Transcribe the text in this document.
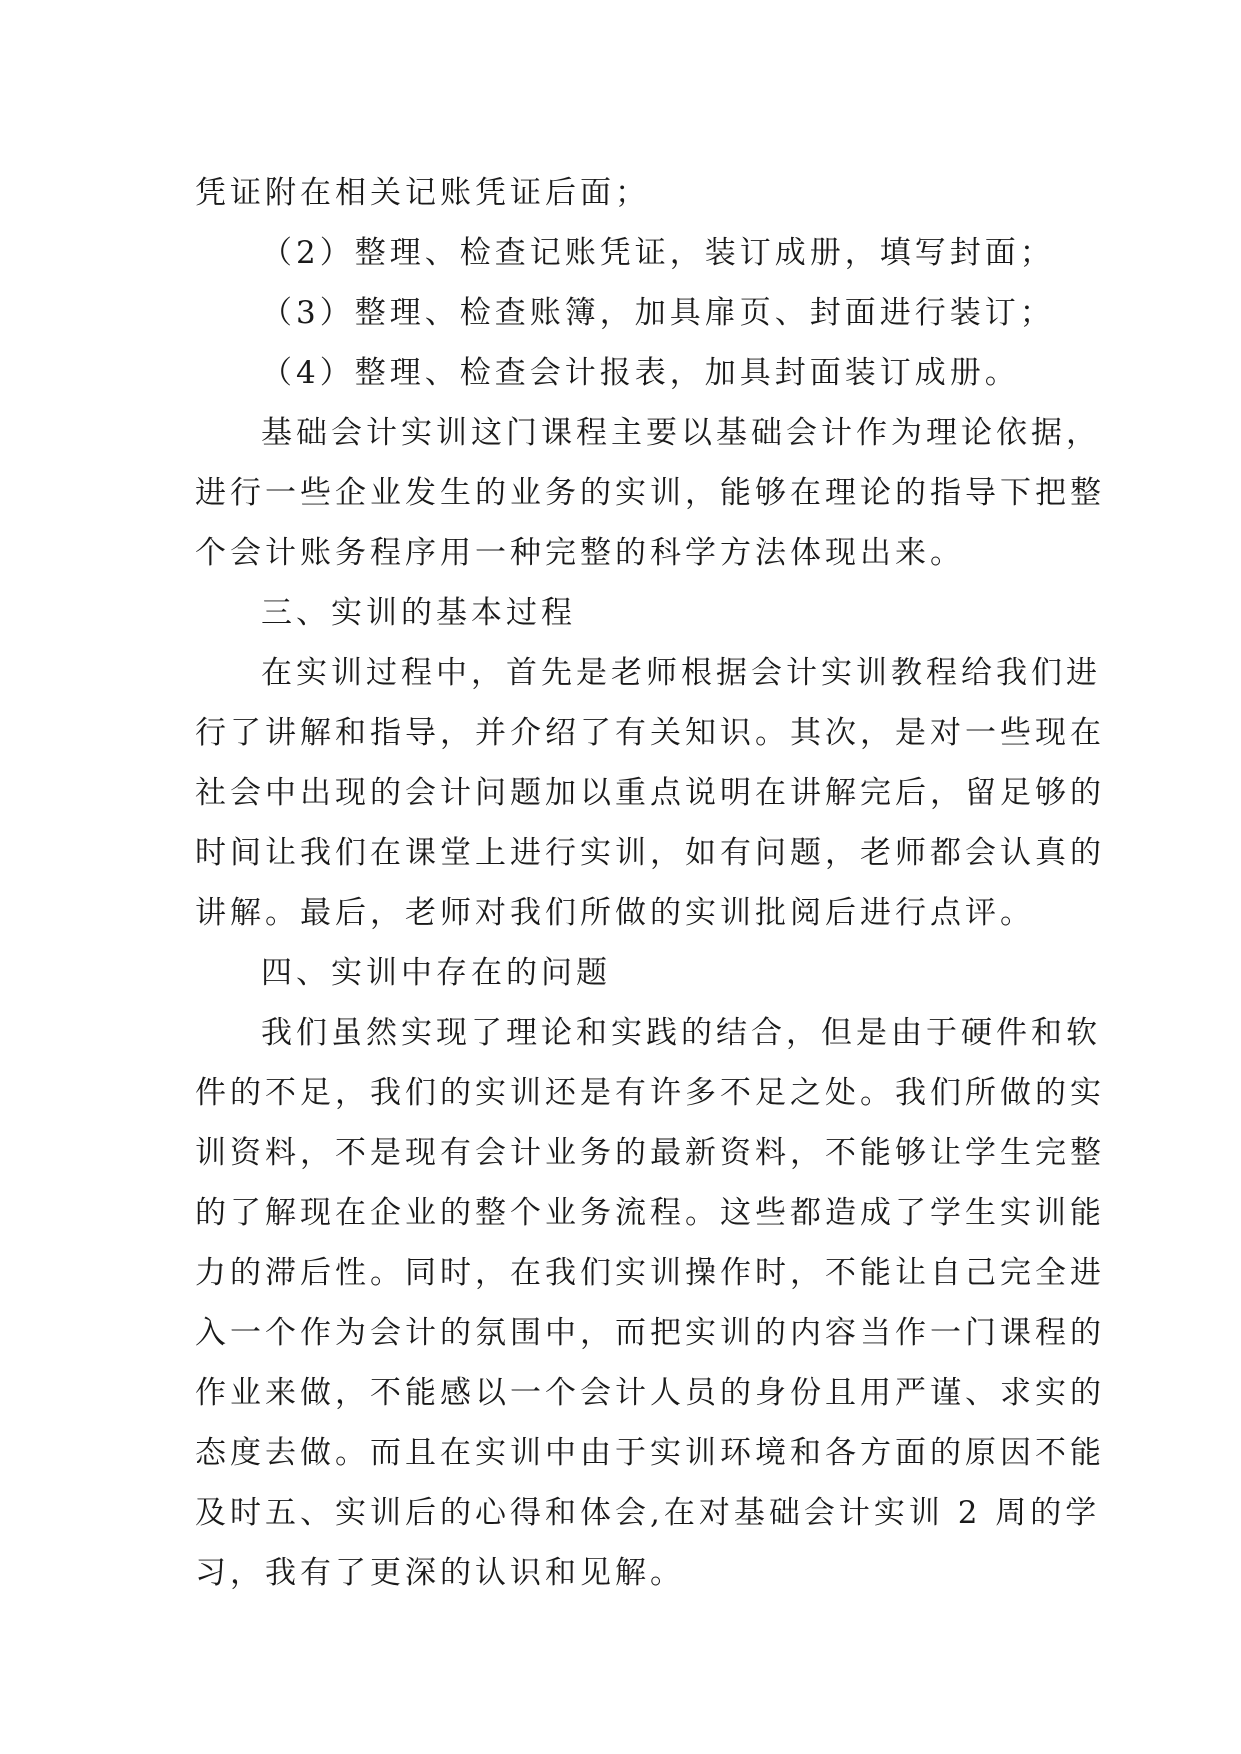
凭证附在相关记账凭证后面；
（2）整理、检查记账凭证，装订成册，填写封面；
（3）整理、检查账簿，加具扉页、封面进行装订；
（4）整理、检查会计报表，加具封面装订成册。
基础会计实训这门课程主要以基础会计作为理论依据，
进行一些企业发生的业务的实训，能够在理论的指导下把整
个会计账务程序用一种完整的科学方法体现出来。
三、实训的基本过程
在实训过程中，首先是老师根据会计实训教程给我们进
行了讲解和指导，并介绍了有关知识。其次，是对一些现在
社会中出现的会计问题加以重点说明在讲解完后，留足够的
时间让我们在课堂上进行实训，如有问题，老师都会认真的
讲解。最后，老师对我们所做的实训批阅后进行点评。
四、实训中存在的问题
我们虽然实现了理论和实践的结合，但是由于硬件和软
件的不足，我们的实训还是有许多不足之处。我们所做的实
训资料，不是现有会计业务的最新资料，不能够让学生完整
的了解现在企业的整个业务流程。这些都造成了学生实训能
力的滞后性。同时，在我们实训操作时，不能让自己完全进
入一个作为会计的氛围中，而把实训的内容当作一门课程的
作业来做，不能感以一个会计人员的身份且用严谨、求实的
态度去做。而且在实训中由于实训环境和各方面的原因不能
及时五、实训后的心得和体会,在对基础会计实训 2 周的学
习，我有了更深的认识和见解。
